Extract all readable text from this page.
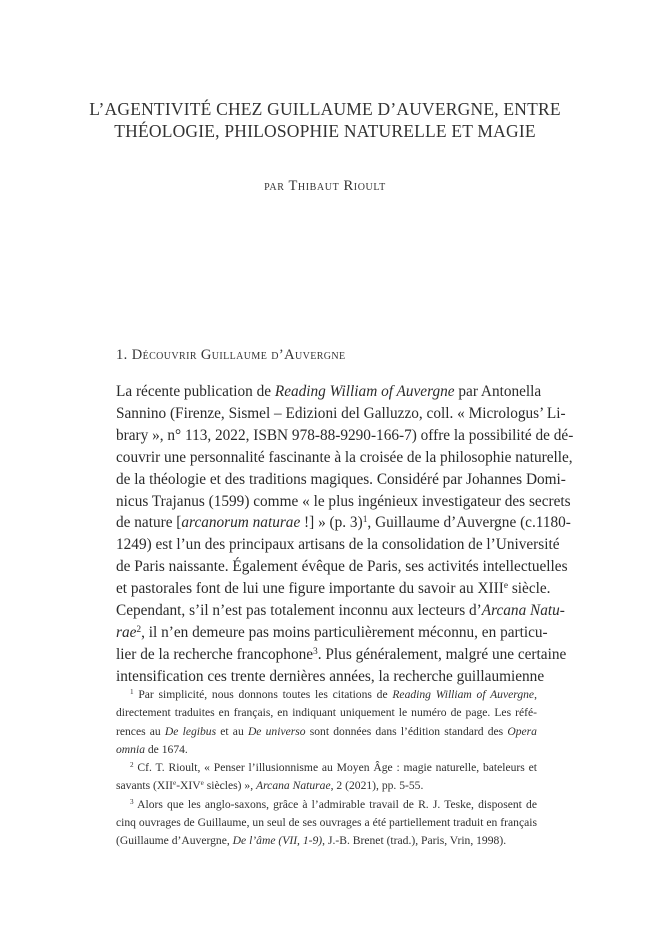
L’AGENTIVITÉ CHEZ GUILLAUME D’AUVERGNE, ENTRE
THÉOLOGIE, PHILOSOPHIE NATURELLE ET MAGIE
par Thibaut Rioult
1. Découvrir Guillaume d’Auvergne
La récente publication de Reading William of Auvergne par Antonella
Sannino (Firenze, Sismel – Edizioni del Galluzzo, coll. « Micrologus’ Li-
brary », n° 113, 2022, ISBN 978-88-9290-166-7) offre la possibilité de dé-
couvrir une personnalité fascinante à la croisée de la philosophie naturelle,
de la théologie et des traditions magiques. Considéré par Johannes Domi-
nicus Trajanus (1599) comme « le plus ingénieux investigateur des secrets
de nature [arcanorum naturae !] » (p. 3)$^1$, Guillaume d’Auvergne (c.1180-
1249) est l’un des principaux artisans de la consolidation de l’Université
de Paris naissante. Également évêque de Paris, ses activités intellectuelles
et pastorales font de lui une figure importante du savoir au XIIIe siècle.
Cependant, s’il n’est pas totalement inconnu aux lecteurs d’Arcana Natu-
rae$^2$, il n’en demeure pas moins particulièrement méconnu, en particu-
lier de la recherche francophone$^3$. Plus généralement, malgré une certaine
intensification ces trente dernières années, la recherche guillaumienne
$^1$ Par simplicité, nous donnons toutes les citations de Reading William of Auvergne,
directement traduites en français, en indiquant uniquement le numéro de page. Les réfé-
rences au De legibus et au De universo sont données dans l’édition standard des Opera
omnia de 1674.
$^2$ Cf. T. Rioult, « Penser l’illusionnisme au Moyen Âge : magie naturelle, bateleurs et
savants (XIIe-XIVe siècles) », Arcana Naturae, 2 (2021), pp. 5-55.
$^3$ Alors que les anglo-saxons, grâce à l’admirable travail de R. J. Teske, disposent de
cinq ouvrages de Guillaume, un seul de ses ouvrages a été partiellement traduit en français
(Guillaume d’Auvergne, De l’âme (VII, 1-9), J.-B. Brenet (trad.), Paris, Vrin, 1998).
